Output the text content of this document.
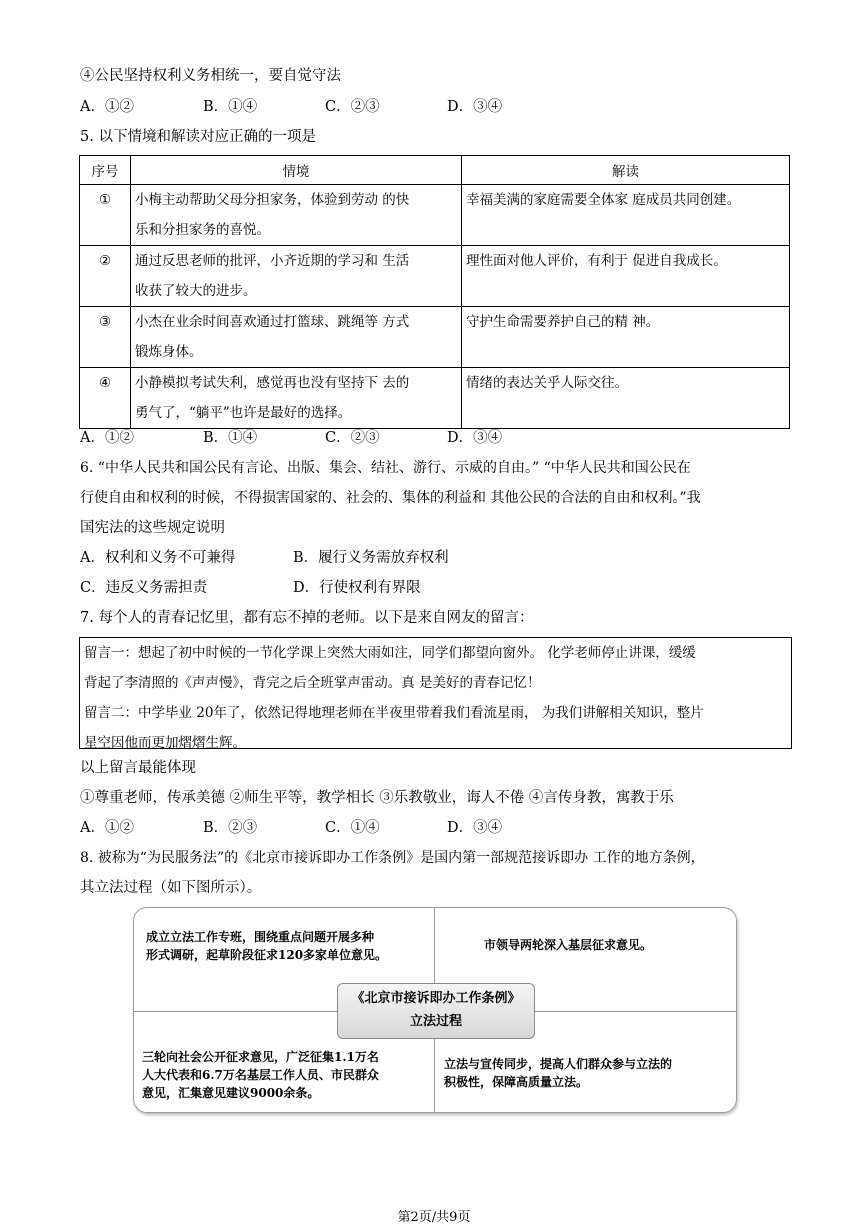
④公民坚持权利义务相统一，要自觉守法
A．①②	B．①④	C．②③	D．③④
5. 以下情境和解读对应正确的一项是
序号	情境	解读
①	小梅主动帮助父母分担家务，体验到劳动 的快
乐和分担家务的喜悦。	幸福美满的家庭需要全体家 庭成员共同创建。
②	通过反思老师的批评，小齐近期的学习和 生活
收获了较大的进步。	理性面对他人评价，有利于 促进自我成长。
③	小杰在业余时间喜欢通过打篮球、跳绳等 方式
锻炼身体。	守护生命需要养护自己的精 神。
④	小静模拟考试失利，感觉再也没有坚持下 去的
勇气了，“躺平”也许是最好的选择。	情绪的表达关乎人际交往。
A．①②	B．①④	C．②③	D．③④
6. “中华人民共和国公民有言论、出版、集会、结社、游行、示威的自由。” “中华人民共和国公民在
行使自由和权利的时候，不得损害国家的、社会的、集体的利益和 其他公民的合法的自由和权利。”我
国宪法的这些规定说明
A．权利和义务不可兼得	B．履行义务需放弃权利
C．违反义务需担责	D．行使权利有界限
7. 每个人的青春记忆里，都有忘不掉的老师。以下是来自网友的留言：
留言一：想起了初中时候的一节化学课上突然大雨如注，同学们都望向窗外。 化学老师停止讲课，缓缓
背起了李清照的《声声慢》，背完之后全班掌声雷动。真 是美好的青春记忆！
留言二：中学毕业 20年了，依然记得地理老师在半夜里带着我们看流星雨， 为我们讲解相关知识，整片
星空因他而更加熠熠生辉。
以上留言最能体现
①尊重老师，传承美德 ②师生平等，教学相长 ③乐教敬业，诲人不倦 ④言传身教，寓教于乐
A．①②	B．②③	C．①④	D．③④
8. 被称为“为民服务法”的《北京市接诉即办工作条例》是国内第一部规范接诉即办 工作的地方条例，
其立法过程（如下图所示）。
成立立法工作专班，围绕重点问题开展多种
形式调研，起草阶段征求120多家单位意见。
市领导两轮深入基层征求意见。
三轮向社会公开征求意见，广泛征集1.1万名
人大代表和6.7万名基层工作人员、市民群众
意见，汇集意见建议9000余条。
立法与宣传同步，提高人们群众参与立法的
积极性，保障高质量立法。
《北京市接诉即办工作条例》
立法过程
第2页/共9页
